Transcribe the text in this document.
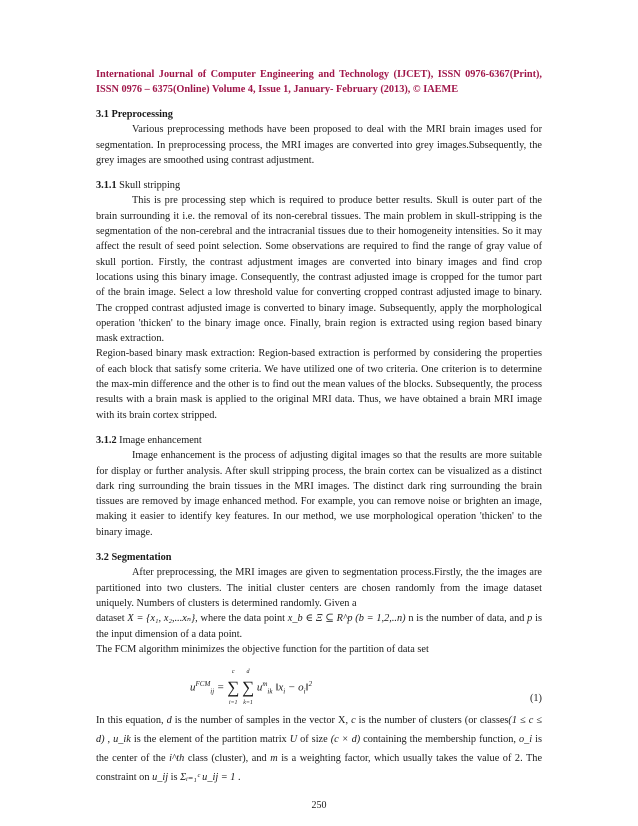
International Journal of Computer Engineering and Technology (IJCET), ISSN 0976-6367(Print), ISSN 0976 – 6375(Online) Volume 4, Issue 1, January- February (2013), © IAEME
3.1 Preprocessing

Various preprocessing methods have been proposed to deal with the MRI brain images used for segmentation. In preprocessing process, the MRI images are converted into grey images.Subsequently, the grey images are smoothed using contrast adjustment.

3.1.1 Skull stripping

This is pre processing step which is required to produce better results. Skull is outer part of the brain surrounding it i.e. the removal of its non-cerebral tissues. The main problem in skull-stripping is the segmentation of the non-cerebral and the intracranial tissues due to their homogeneity intensities. So it may affect the result of seed point selection. Some observations are required to find the range of gray value of skull portion. Firstly, the contrast adjustment images are converted into binary images and find crop locations using this binary image. Consequently, the contrast adjusted image is cropped for the tumor part of the brain image. Select a low threshold value for converting cropped contrast adjusted image to binary. The cropped contrast adjusted image is converted to binary image. Subsequently, apply the morphological operation 'thicken' to the binary image once. Finally, brain region is extracted using region based binary mask extraction.

Region-based binary mask extraction: Region-based extraction is performed by considering the properties of each block that satisfy some criteria. We have utilized one of two criteria. One criterion is to determine the max-min difference and the other is to find out the mean values of the blocks. Subsequently, the process results with a brain mask is applied to the original MRI data. Thus, we have obtained a brain MRI image with its brain cortex stripped.

3.1.2 Image enhancement

Image enhancement is the process of adjusting digital images so that the results are more suitable for display or further analysis. After skull stripping process, the brain cortex can be visualized as a distinct dark ring surrounding the brain tissues in the MRI images. The distinct dark ring surrounding the brain tissues are removed by image enhanced method. For example, you can remove noise or brighten an image, making it easier to identify key features. In our method, we use morphological operation 'thicken' to the binary image.

3.2 Segmentation

After preprocessing, the MRI images are given to segmentation process.Firstly, the the images are partitioned into two clusters. The initial cluster centers are chosen randomly from the image dataset uniquely. Numbers of clusters is determined randomly. Given a

dataset X = {x₁, x₂,...xₙ}, where the data point x_b ∈ Ξ ⊆ R^p (b = 1,2,..n) n is the number of data, and p is the input dimension of a data point.

The FCM algorithm minimizes the objective function for the partition of data set

$u^{FCM}_{ij}$ =
c
∑
i=1

d
∑
k=1
$u^m_{ik}$ $‖x_i$ − $o_i‖^2$
(1)

In this equation, d is the number of samples in the vector X, c is the number of clusters (or classes(1 ≤ c ≤ d) , u_ik is the element of the partition matrix U of size (c × d) containing the membership function, o_i is the center of the i^th class (cluster), and m is a weighting factor, which usually takes the value of 2. The constraint on u_ij is Σᵢ₌₁ᶜ u_ij = 1 .

250
